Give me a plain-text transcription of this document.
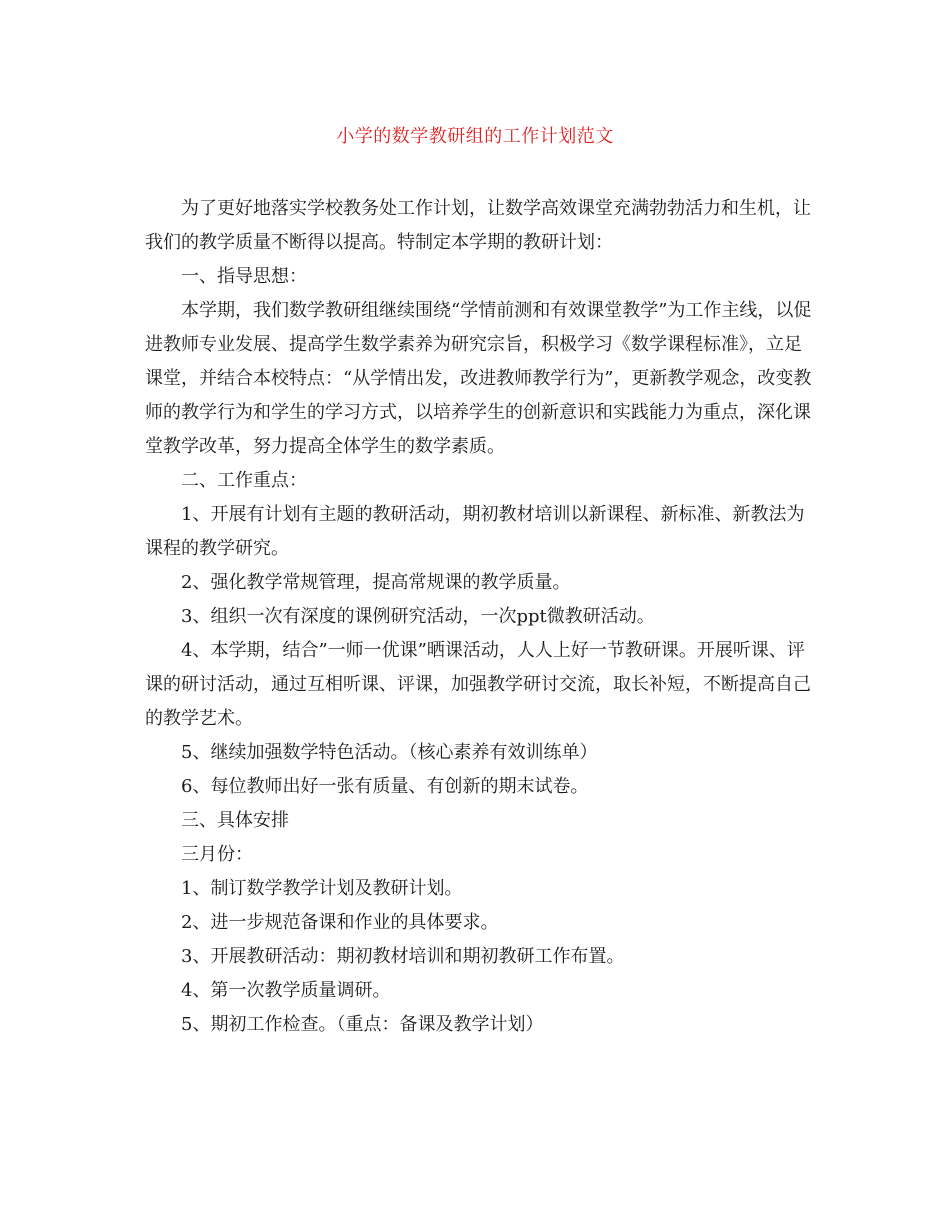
小学的数学教研组的工作计划范文

为了更好地落实学校教务处工作计划，让数学高效课堂充满勃勃活力和生机，让我们的教学质量不断得以提高。特制定本学期的教研计划：

一、指导思想：

本学期，我们数学教研组继续围绕“学情前测和有效课堂教学”为工作主线，以促进教师专业发展、提高学生数学素养为研究宗旨，积极学习《数学课程标准》，立足课堂，并结合本校特点：“从学情出发，改进教师教学行为”，更新教学观念，改变教师的教学行为和学生的学习方式，以培养学生的创新意识和实践能力为重点，深化课堂教学改革，努力提高全体学生的数学素质。

二、工作重点：

1、开展有计划有主题的教研活动，期初教材培训以新课程、新标准、新教法为课程的教学研究。

2、强化教学常规管理，提高常规课的教学质量。

3、组织一次有深度的课例研究活动，一次ppt微教研活动。

4、本学期，结合”一师一优课”晒课活动，人人上好一节教研课。开展听课、评课的研讨活动，通过互相听课、评课，加强教学研讨交流，取长补短，不断提高自己的教学艺术。

5、继续加强数学特色活动。（核心素养有效训练单）

6、每位教师出好一张有质量、有创新的期末试卷。

三、具体安排

三月份：

1、制订数学教学计划及教研计划。

2、进一步规范备课和作业的具体要求。

3、开展教研活动：期初教材培训和期初教研工作布置。

4、第一次教学质量调研。

5、期初工作检查。（重点：备课及教学计划）
